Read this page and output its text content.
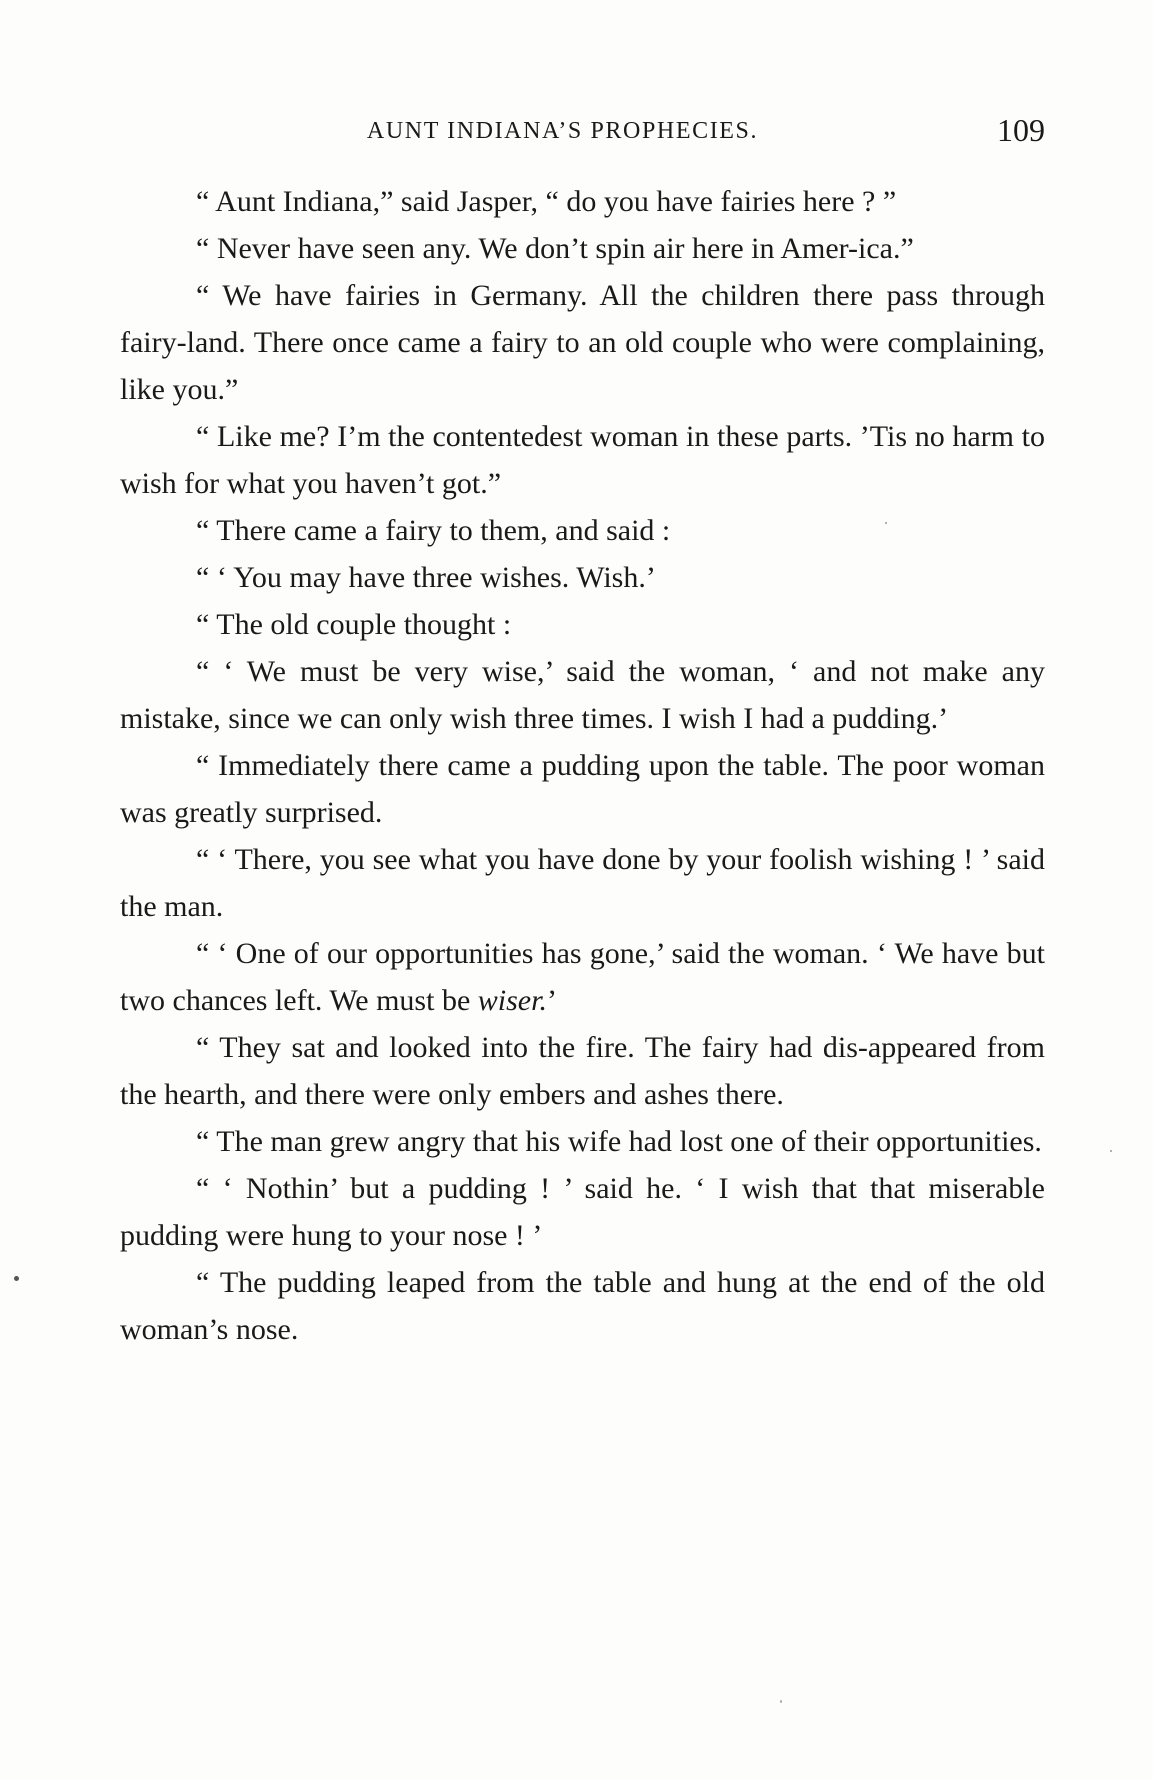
AUNT INDIANA’S PROPHECIES.	109

“ Aunt Indiana,” said Jasper, “ do you have fairies here ? ”

“ Never have seen any. We don’t spin air here in Amer-ica.”

“ We have fairies in Germany. All the children there pass through fairy-land. There once came a fairy to an old couple who were complaining, like you.”

“ Like me? I’m the contentedest woman in these parts. ’Tis no harm to wish for what you haven’t got.”

“ There came a fairy to them, and said :

“ ‘ You may have three wishes. Wish.’

“ The old couple thought :

“ ‘ We must be very wise,’ said the woman, ‘ and not make any mistake, since we can only wish three times. I wish I had a pudding.’

“ Immediately there came a pudding upon the table. The poor woman was greatly surprised.

“ ‘ There, you see what you have done by your foolish wishing ! ’ said the man.

“ ‘ One of our opportunities has gone,’ said the woman. ‘ We have but two chances left. We must be wiser.’

“ They sat and looked into the fire. The fairy had dis-appeared from the hearth, and there were only embers and ashes there.

“ The man grew angry that his wife had lost one of their opportunities.

“ ‘ Nothin’ but a pudding ! ’ said he. ‘ I wish that that miserable pudding were hung to your nose ! ’

“ The pudding leaped from the table and hung at the end of the old woman’s nose.
